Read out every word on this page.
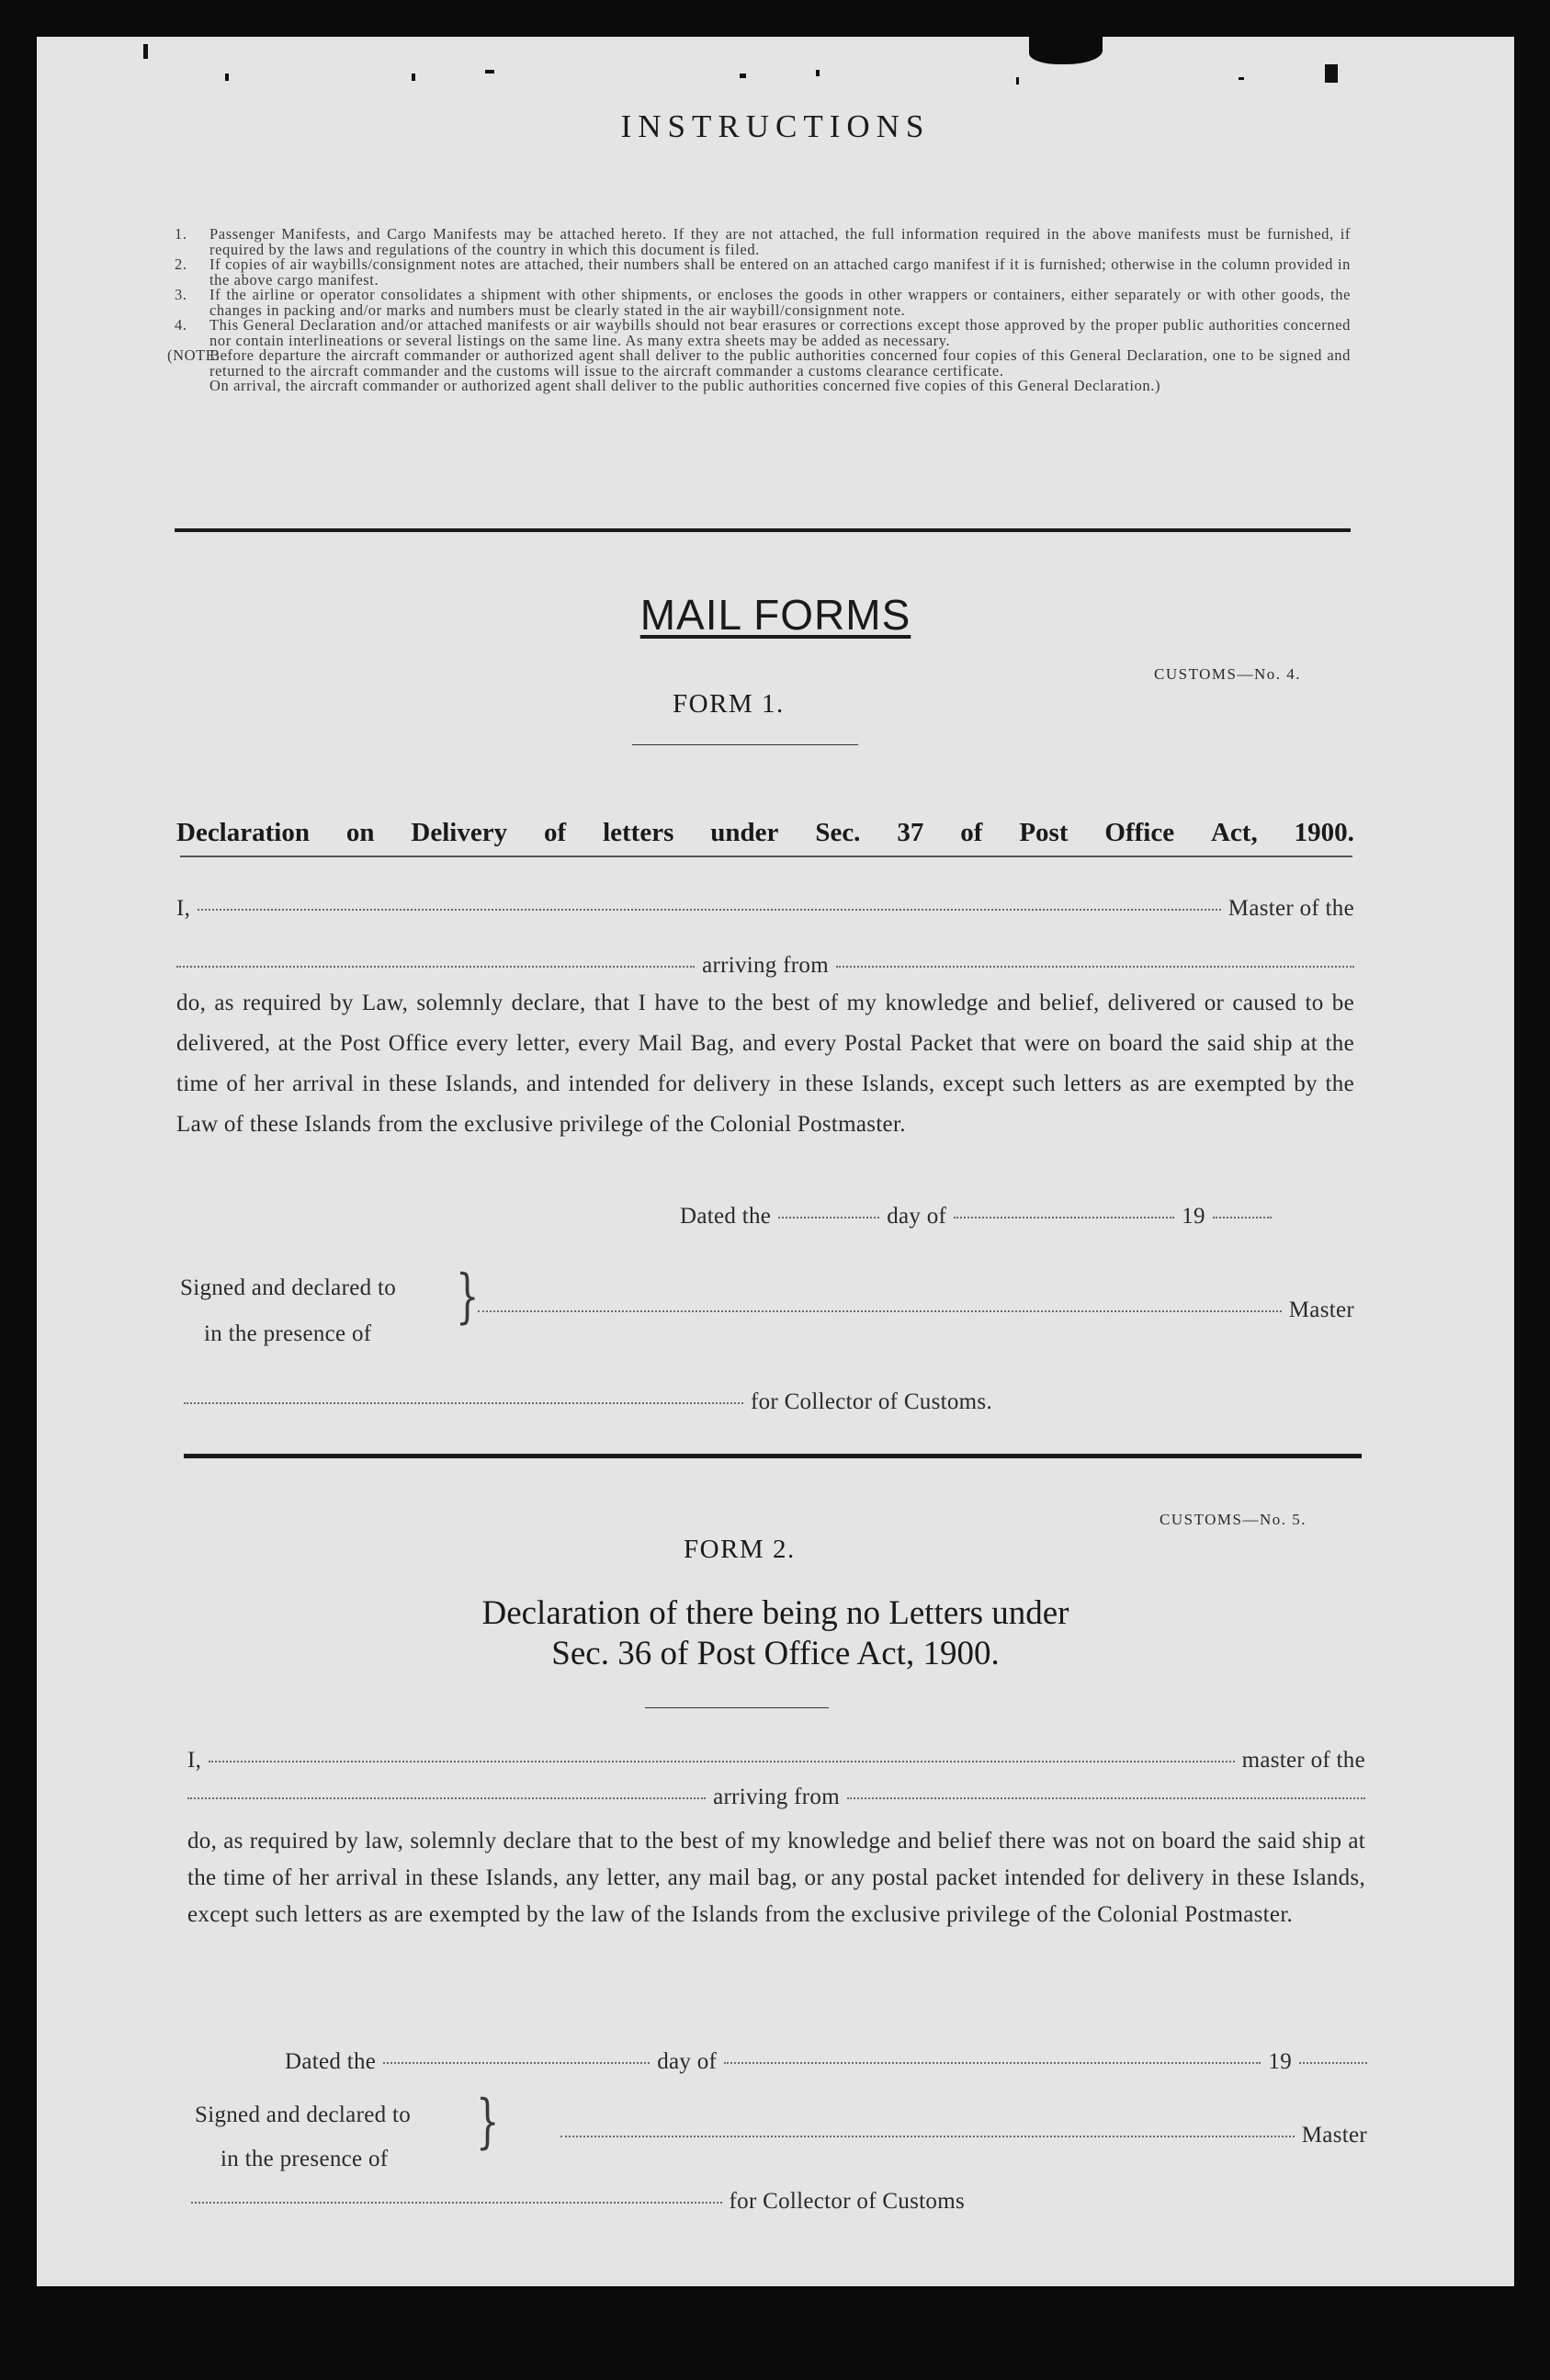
INSTRUCTIONS
1. Passenger Manifests, and Cargo Manifests may be attached hereto. If they are not attached, the full information required in the above manifests must be furnished, if required by the laws and regulations of the country in which this document is filed.
2. If copies of air waybills/consignment notes are attached, their numbers shall be entered on an attached cargo manifest if it is furnished; otherwise in the column provided in the above cargo manifest.
3. If the airline or operator consolidates a shipment with other shipments, or encloses the goods in other wrappers or containers, either separately or with other goods, the changes in packing and/or marks and numbers must be clearly stated in the air waybill/consignment note.
4. This General Declaration and/or attached manifests or air waybills should not bear erasures or corrections except those approved by the proper public authorities concerned nor contain interlineations or several listings on the same line. As many extra sheets may be added as necessary.
(NOTE:
Before departure the aircraft commander or authorized agent shall deliver to the public authorities concerned four copies of this General Declaration, one to be signed and returned to the aircraft commander and the customs will issue to the aircraft commander a customs clearance certificate.
On arrival, the aircraft commander or authorized agent shall deliver to the public authorities concerned five copies of this General Declaration.)
MAIL FORMS
CUSTOMS—No. 4.
FORM 1.
Declaration on Delivery of letters under Sec. 37 of Post Office Act, 1900.
I,	Master of the
arriving from
do, as required by Law, solemnly declare, that I have to the best of my knowledge and belief, delivered or caused to be delivered, at the Post Office every letter, every Mail Bag, and every Postal Packet that were on board the said ship at the time of her arrival in these Islands, and intended for delivery in these Islands, except such letters as are exempted by the Law of these Islands from the exclusive privilege of the Colonial Postmaster.
Dated the	day of	19
Signed and declared to
in the presence of
}	Master
for Collector of Customs.
CUSTOMS—No. 5.
FORM 2.
Declaration of there being no Letters under
Sec. 36 of Post Office Act, 1900.
I,	master of the
arriving from
do, as required by law, solemnly declare that to the best of my knowledge and belief there was not on board the said ship at the time of her arrival in these Islands, any letter, any mail bag, or any postal packet intended for delivery in these Islands, except such letters as are exempted by the law of the Islands from the exclusive privilege of the Colonial Postmaster.
Dated the	day of	19
Signed and declared to
in the presence of
}	Master
for Collector of Customs
